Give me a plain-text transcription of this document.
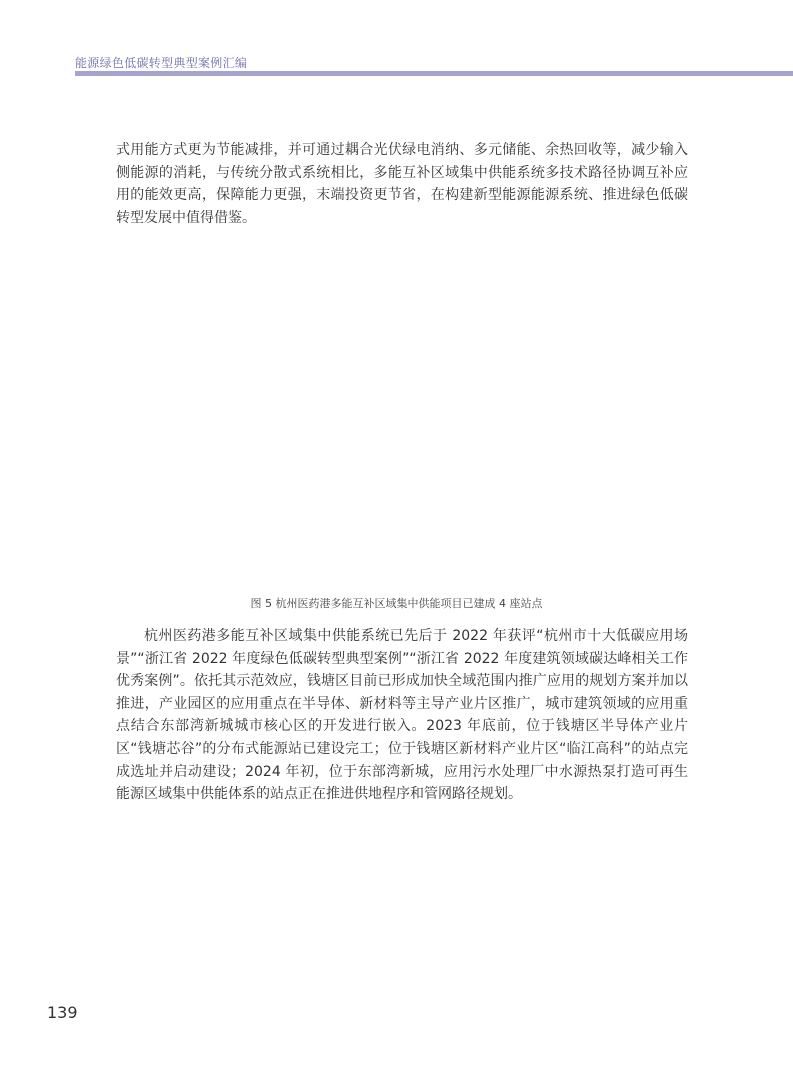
能源绿色低碳转型典型案例汇编

式用能方式更为节能减排，并可通过耦合光伏绿电消纳、多元储能、余热回收等，减少输入侧能源的消耗，与传统分散式系统相比，多能互补区域集中供能系统多技术路径协调互补应用的能效更高，保障能力更强，末端投资更节省，在构建新型能源能源系统、推进绿色低碳转型发展中值得借鉴。

图 5 杭州医药港多能互补区域集中供能项目已建成 4 座站点

杭州医药港多能互补区域集中供能系统已先后于 2022 年获评“杭州市十大低碳应用场景”“浙江省 2022 年度绿色低碳转型典型案例”“浙江省 2022 年度建筑领域碳达峰相关工作优秀案例”。依托其示范效应，钱塘区目前已形成加快全域范围内推广应用的规划方案并加以推进，产业园区的应用重点在半导体、新材料等主导产业片区推广，城市建筑领域的应用重点结合东部湾新城城市核心区的开发进行嵌入。2023 年底前，位于钱塘区半导体产业片区“钱塘芯谷”的分布式能源站已建设完工；位于钱塘区新材料产业片区“临江高科”的站点完成选址并启动建设；2024 年初，位于东部湾新城，应用污水处理厂中水源热泵打造可再生能源区域集中供能体系的站点正在推进供地程序和管网路径规划。

139
